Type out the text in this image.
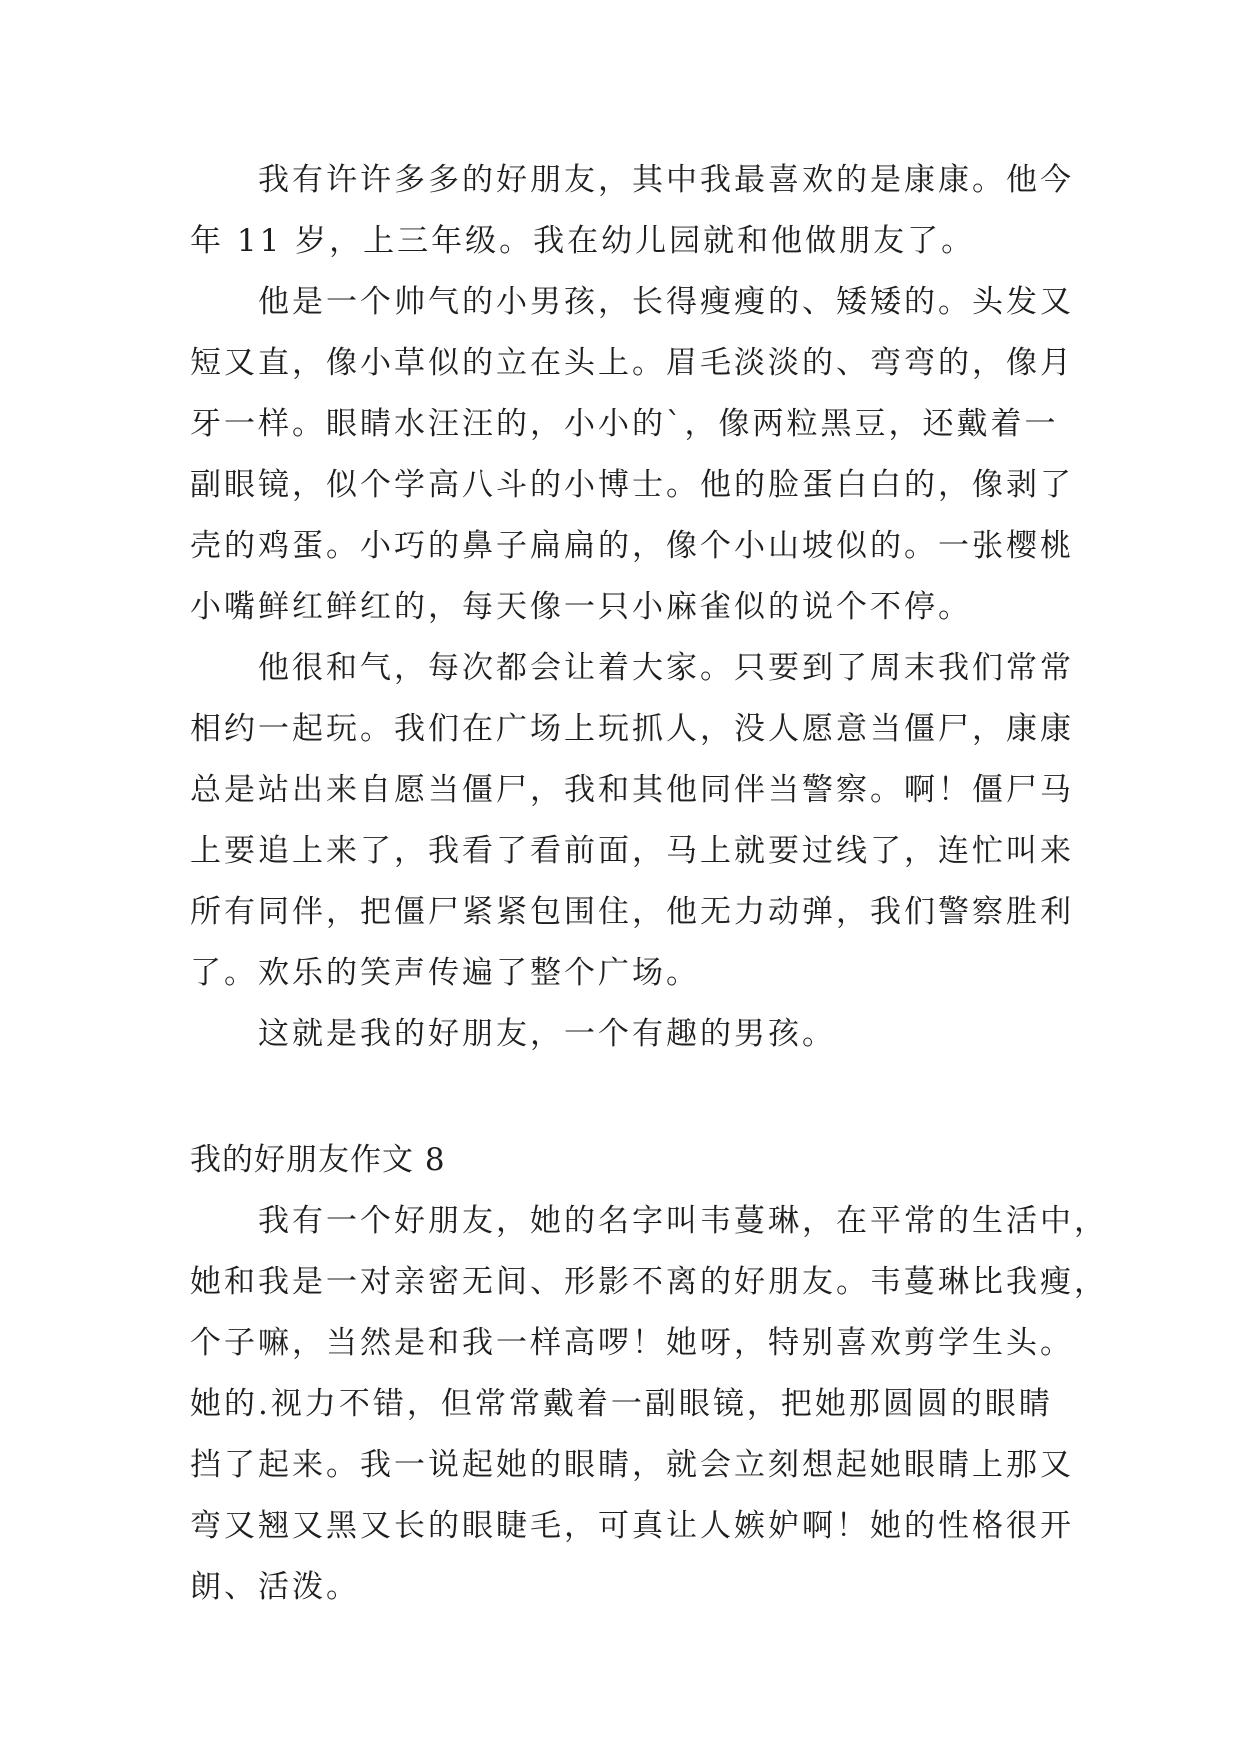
我有许许多多的好朋友，其中我最喜欢的是康康。他今
年 11 岁，上三年级。我在幼儿园就和他做朋友了。
他是一个帅气的小男孩，长得瘦瘦的、矮矮的。头发又
短又直，像小草似的立在头上。眉毛淡淡的、弯弯的，像月
牙一样。眼睛水汪汪的，小小的`，像两粒黑豆，还戴着一
副眼镜，似个学高八斗的小博士。他的脸蛋白白的，像剥了
壳的鸡蛋。小巧的鼻子扁扁的，像个小山坡似的。一张樱桃
小嘴鲜红鲜红的，每天像一只小麻雀似的说个不停。
他很和气，每次都会让着大家。只要到了周末我们常常
相约一起玩。我们在广场上玩抓人，没人愿意当僵尸，康康
总是站出来自愿当僵尸，我和其他同伴当警察。啊！僵尸马
上要追上来了，我看了看前面，马上就要过线了，连忙叫来
所有同伴，把僵尸紧紧包围住，他无力动弹，我们警察胜利
了。欢乐的笑声传遍了整个广场。
这就是我的好朋友，一个有趣的男孩。
我的好朋友作文 8
我有一个好朋友，她的名字叫韦蔓琳，在平常的生活中，
她和我是一对亲密无间、形影不离的好朋友。韦蔓琳比我瘦，
个子嘛，当然是和我一样高啰！她呀，特别喜欢剪学生头。
她的.视力不错，但常常戴着一副眼镜，把她那圆圆的眼睛
挡了起来。我一说起她的眼睛，就会立刻想起她眼睛上那又
弯又翘又黑又长的眼睫毛，可真让人嫉妒啊！她的性格很开
朗、活泼。
